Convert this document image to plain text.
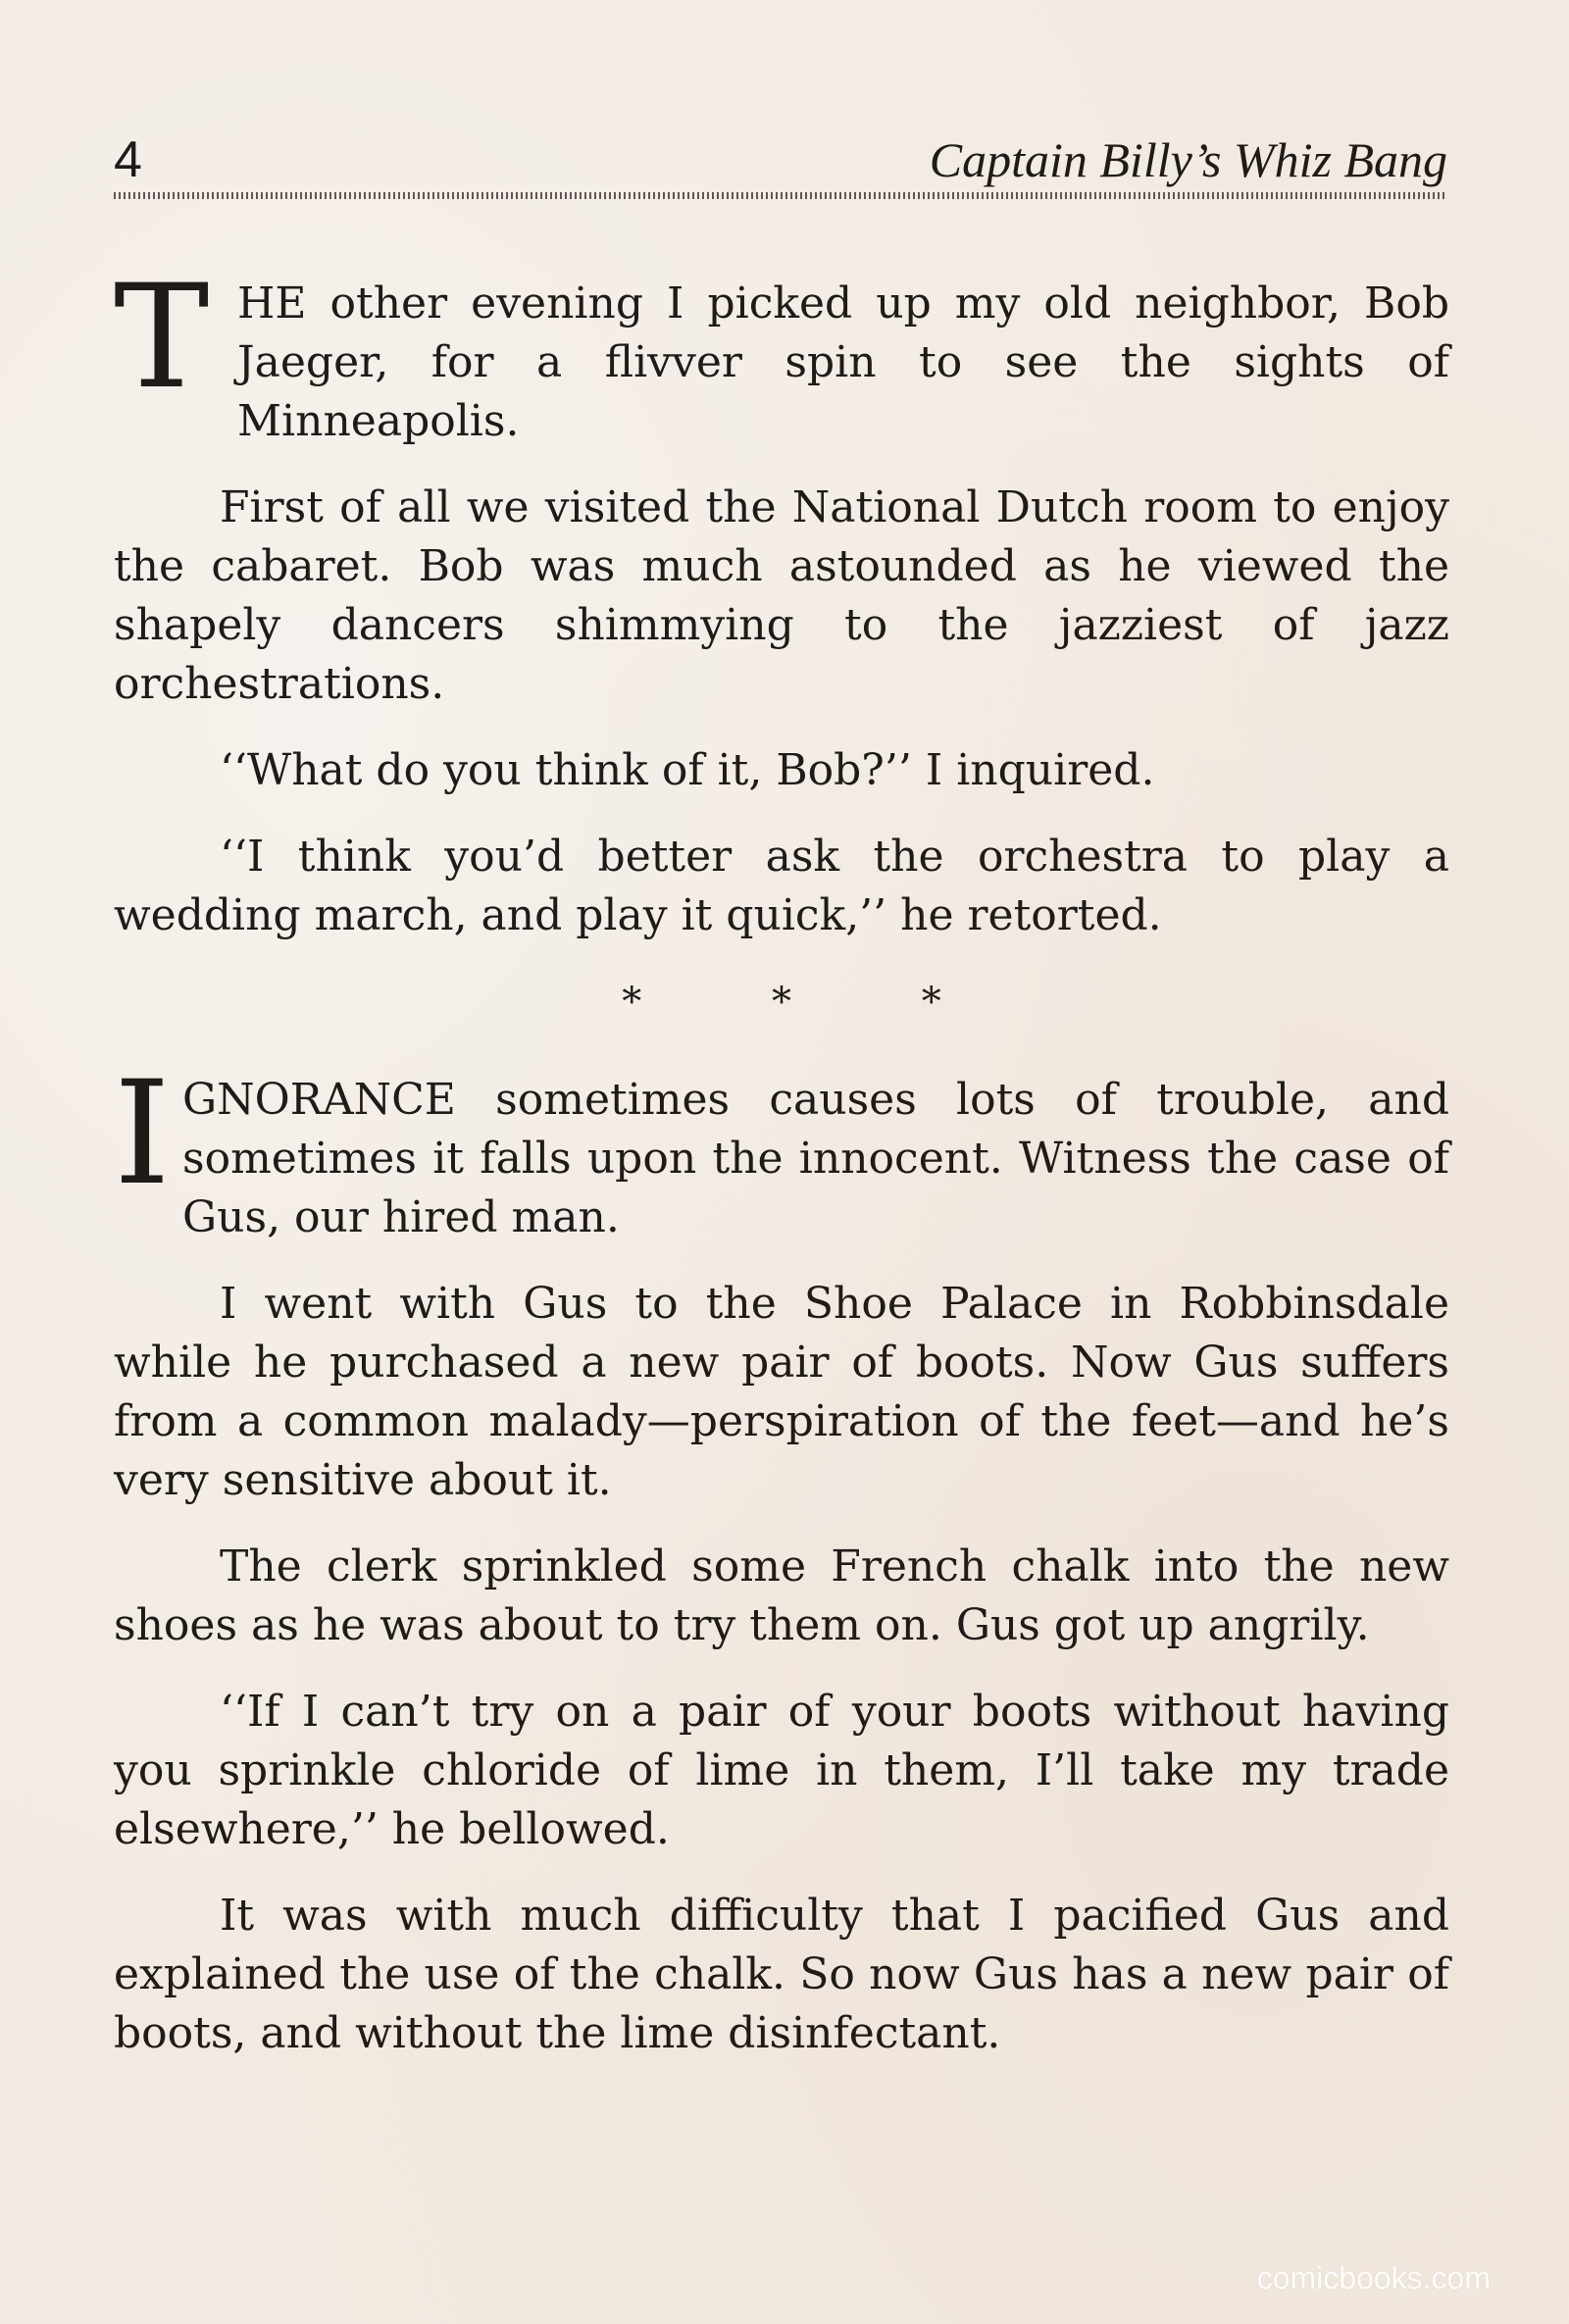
4	Captain Billy’s Whiz Bang
T HE other evening I picked up my old neighbor, Bob Jaeger, for a flivver spin to see the sights of Minneapolis.

First of all we visited the National Dutch room to enjoy the cabaret. Bob was much astounded as he viewed the shapely dancers shimmying to the jazziest of jazz orchestrations.

‘‘What do you think of it, Bob?’’ I inquired.

‘‘I think you’d better ask the orchestra to play a wedding march, and play it quick,’’ he retorted.

* * *
I GNORANCE sometimes causes lots of trouble, and sometimes it falls upon the innocent. Witness the case of Gus, our hired man.

I went with Gus to the Shoe Palace in Robbinsdale while he purchased a new pair of boots. Now Gus suffers from a common malady—perspiration of the feet—and he’s very sensitive about it.

The clerk sprinkled some French chalk into the new shoes as he was about to try them on. Gus got up angrily.

‘‘If I can’t try on a pair of your boots without having you sprinkle chloride of lime in them, I’ll take my trade elsewhere,’’ he bellowed.

It was with much difficulty that I pacified Gus and explained the use of the chalk. So now Gus has a new pair of boots, and without the lime disinfectant.

comicbooks.com
